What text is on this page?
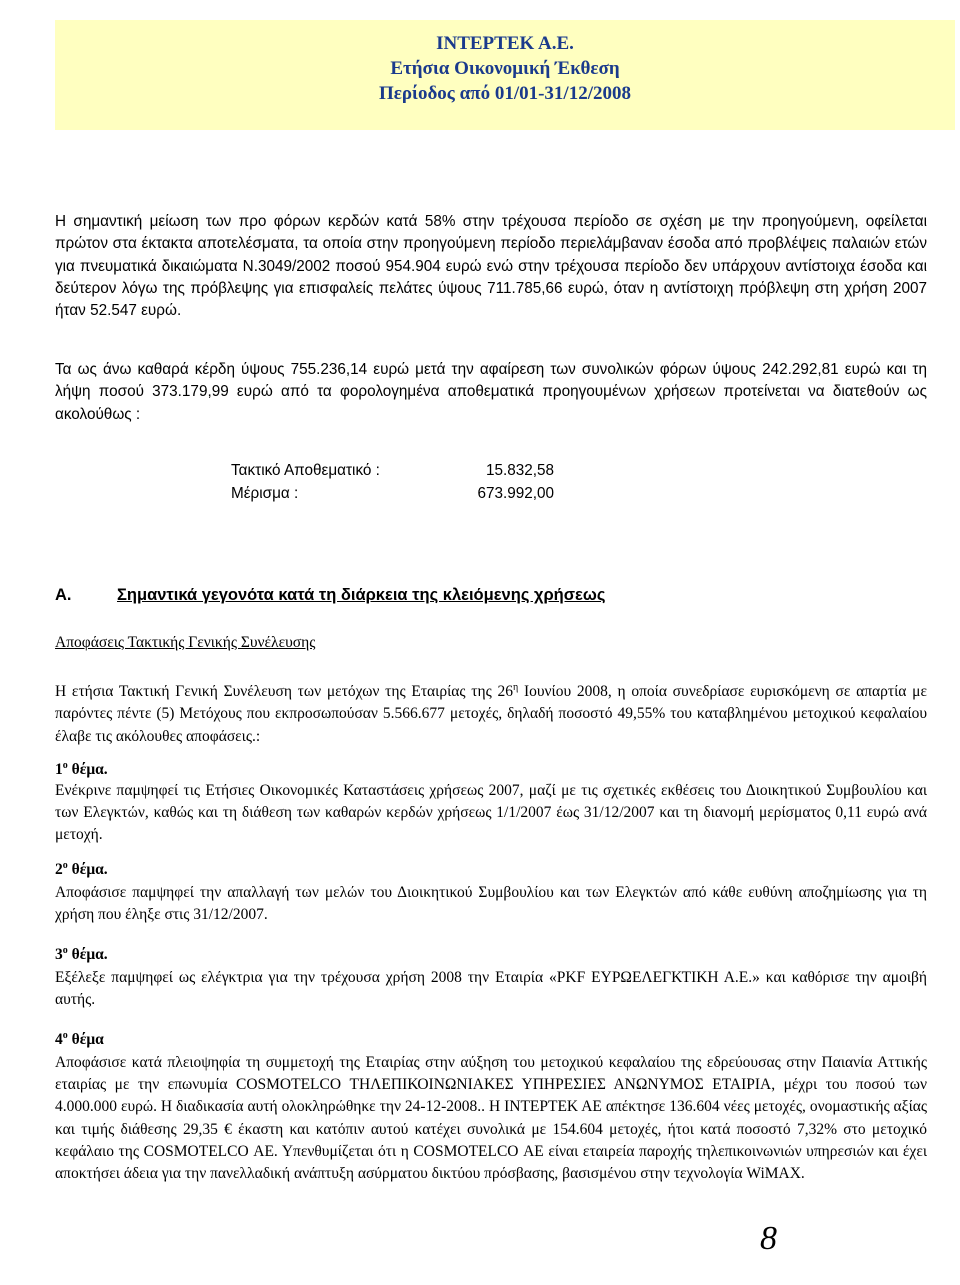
ΙΝΤΕΡΤΕΚ Α.Ε.
Ετήσια Οικονομική Έκθεση
Περίοδος από 01/01-31/12/2008
Η σημαντική μείωση των προ φόρων κερδών κατά 58% στην τρέχουσα περίοδο σε σχέση με την προηγούμενη, οφείλεται πρώτον στα έκτακτα αποτελέσματα, τα οποία στην προηγούμενη περίοδο περιελάμβαναν έσοδα από προβλέψεις παλαιών ετών για πνευματικά δικαιώματα Ν.3049/2002 ποσού 954.904 ευρώ ενώ στην τρέχουσα περίοδο δεν υπάρχουν αντίστοιχα έσοδα και δεύτερον λόγω της πρόβλεψης για επισφαλείς πελάτες ύψους 711.785,66 ευρώ, όταν η αντίστοιχη πρόβλεψη στη χρήση 2007 ήταν 52.547 ευρώ.
Τα ως άνω καθαρά κέρδη ύψους 755.236,14 ευρώ μετά την αφαίρεση των συνολικών φόρων ύψους 242.292,81 ευρώ και τη λήψη ποσού 373.179,99 ευρώ από τα φορολογημένα αποθεματικά προηγουμένων χρήσεων προτείνεται να διατεθούν ως ακολούθως :
Τακτικό Αποθεματικό :	15.832,58
Μέρισμα :	673.992,00
Α.	Σημαντικά γεγονότα κατά τη διάρκεια της κλειόμενης χρήσεως
Αποφάσεις Τακτικής Γενικής Συνέλευσης
Η ετήσια Τακτική Γενική Συνέλευση των μετόχων της Εταιρίας της $26^\eta$ Ιουνίου 2008, η οποία συνεδρίασε ευρισκόμενη σε απαρτία με παρόντες πέντε (5) Μετόχους που εκπροσωπούσαν 5.566.677 μετοχές, δηλαδή ποσοστό 49,55% του καταβλημένου μετοχικού κεφαλαίου έλαβε τις ακόλουθες αποφάσεις.:
$1^o$ θέμα.
Ενέκρινε παμψηφεί τις Ετήσιες Οικονομικές Καταστάσεις χρήσεως 2007, μαζί με τις σχετικές εκθέσεις του Διοικητικού Συμβουλίου και των Ελεγκτών, καθώς και τη διάθεση των καθαρών κερδών χρήσεως 1/1/2007 έως 31/12/2007 και τη διανομή μερίσματος 0,11 ευρώ ανά μετοχή.
$2^o$ θέμα.
Αποφάσισε παμψηφεί την απαλλαγή των μελών του Διοικητικού Συμβουλίου και των Ελεγκτών από κάθε ευθύνη αποζημίωσης για τη χρήση που έληξε στις 31/12/2007.
$3^o$ θέμα.
Εξέλεξε παμψηφεί ως ελέγκτρια για την τρέχουσα χρήση 2008 την Εταιρία «PKF ΕΥΡΩΕΛΕΓΚΤΙΚΗ Α.Ε.» και καθόρισε την αμοιβή αυτής.
$4^o$ θέμα
Αποφάσισε κατά πλειοψηφία τη συμμετοχή της Εταιρίας στην αύξηση του μετοχικού κεφαλαίου της εδρεύουσας στην Παιανία Αττικής εταιρίας με την επωνυμία COSMOTELCO ΤΗΛΕΠΙΚΟΙΝΩΝΙΑΚΕΣ ΥΠΗΡΕΣΙΕΣ ΑΝΩΝΥΜΟΣ ΕΤΑΙΡΙΑ, μέχρι του ποσού των 4.000.000 ευρώ. Η διαδικασία αυτή ολοκληρώθηκε την 24-12-2008.. Η ΙΝΤΕΡΤΕΚ ΑΕ απέκτησε 136.604 νέες μετοχές, ονομαστικής αξίας και τιμής διάθεσης 29,35 € έκαστη και κατόπιν αυτού κατέχει συνολικά με 154.604 μετοχές, ήτοι κατά ποσοστό 7,32% στο μετοχικό κεφάλαιο της COSMOTELCO ΑΕ. Υπενθυμίζεται ότι η COSMOTELCO ΑΕ είναι εταιρεία παροχής τηλεπικοινωνιών υπηρεσιών και έχει αποκτήσει άδεια για την πανελλαδική ανάπτυξη ασύρματου δικτύου πρόσβασης, βασισμένου στην τεχνολογία WiMAX.
8
